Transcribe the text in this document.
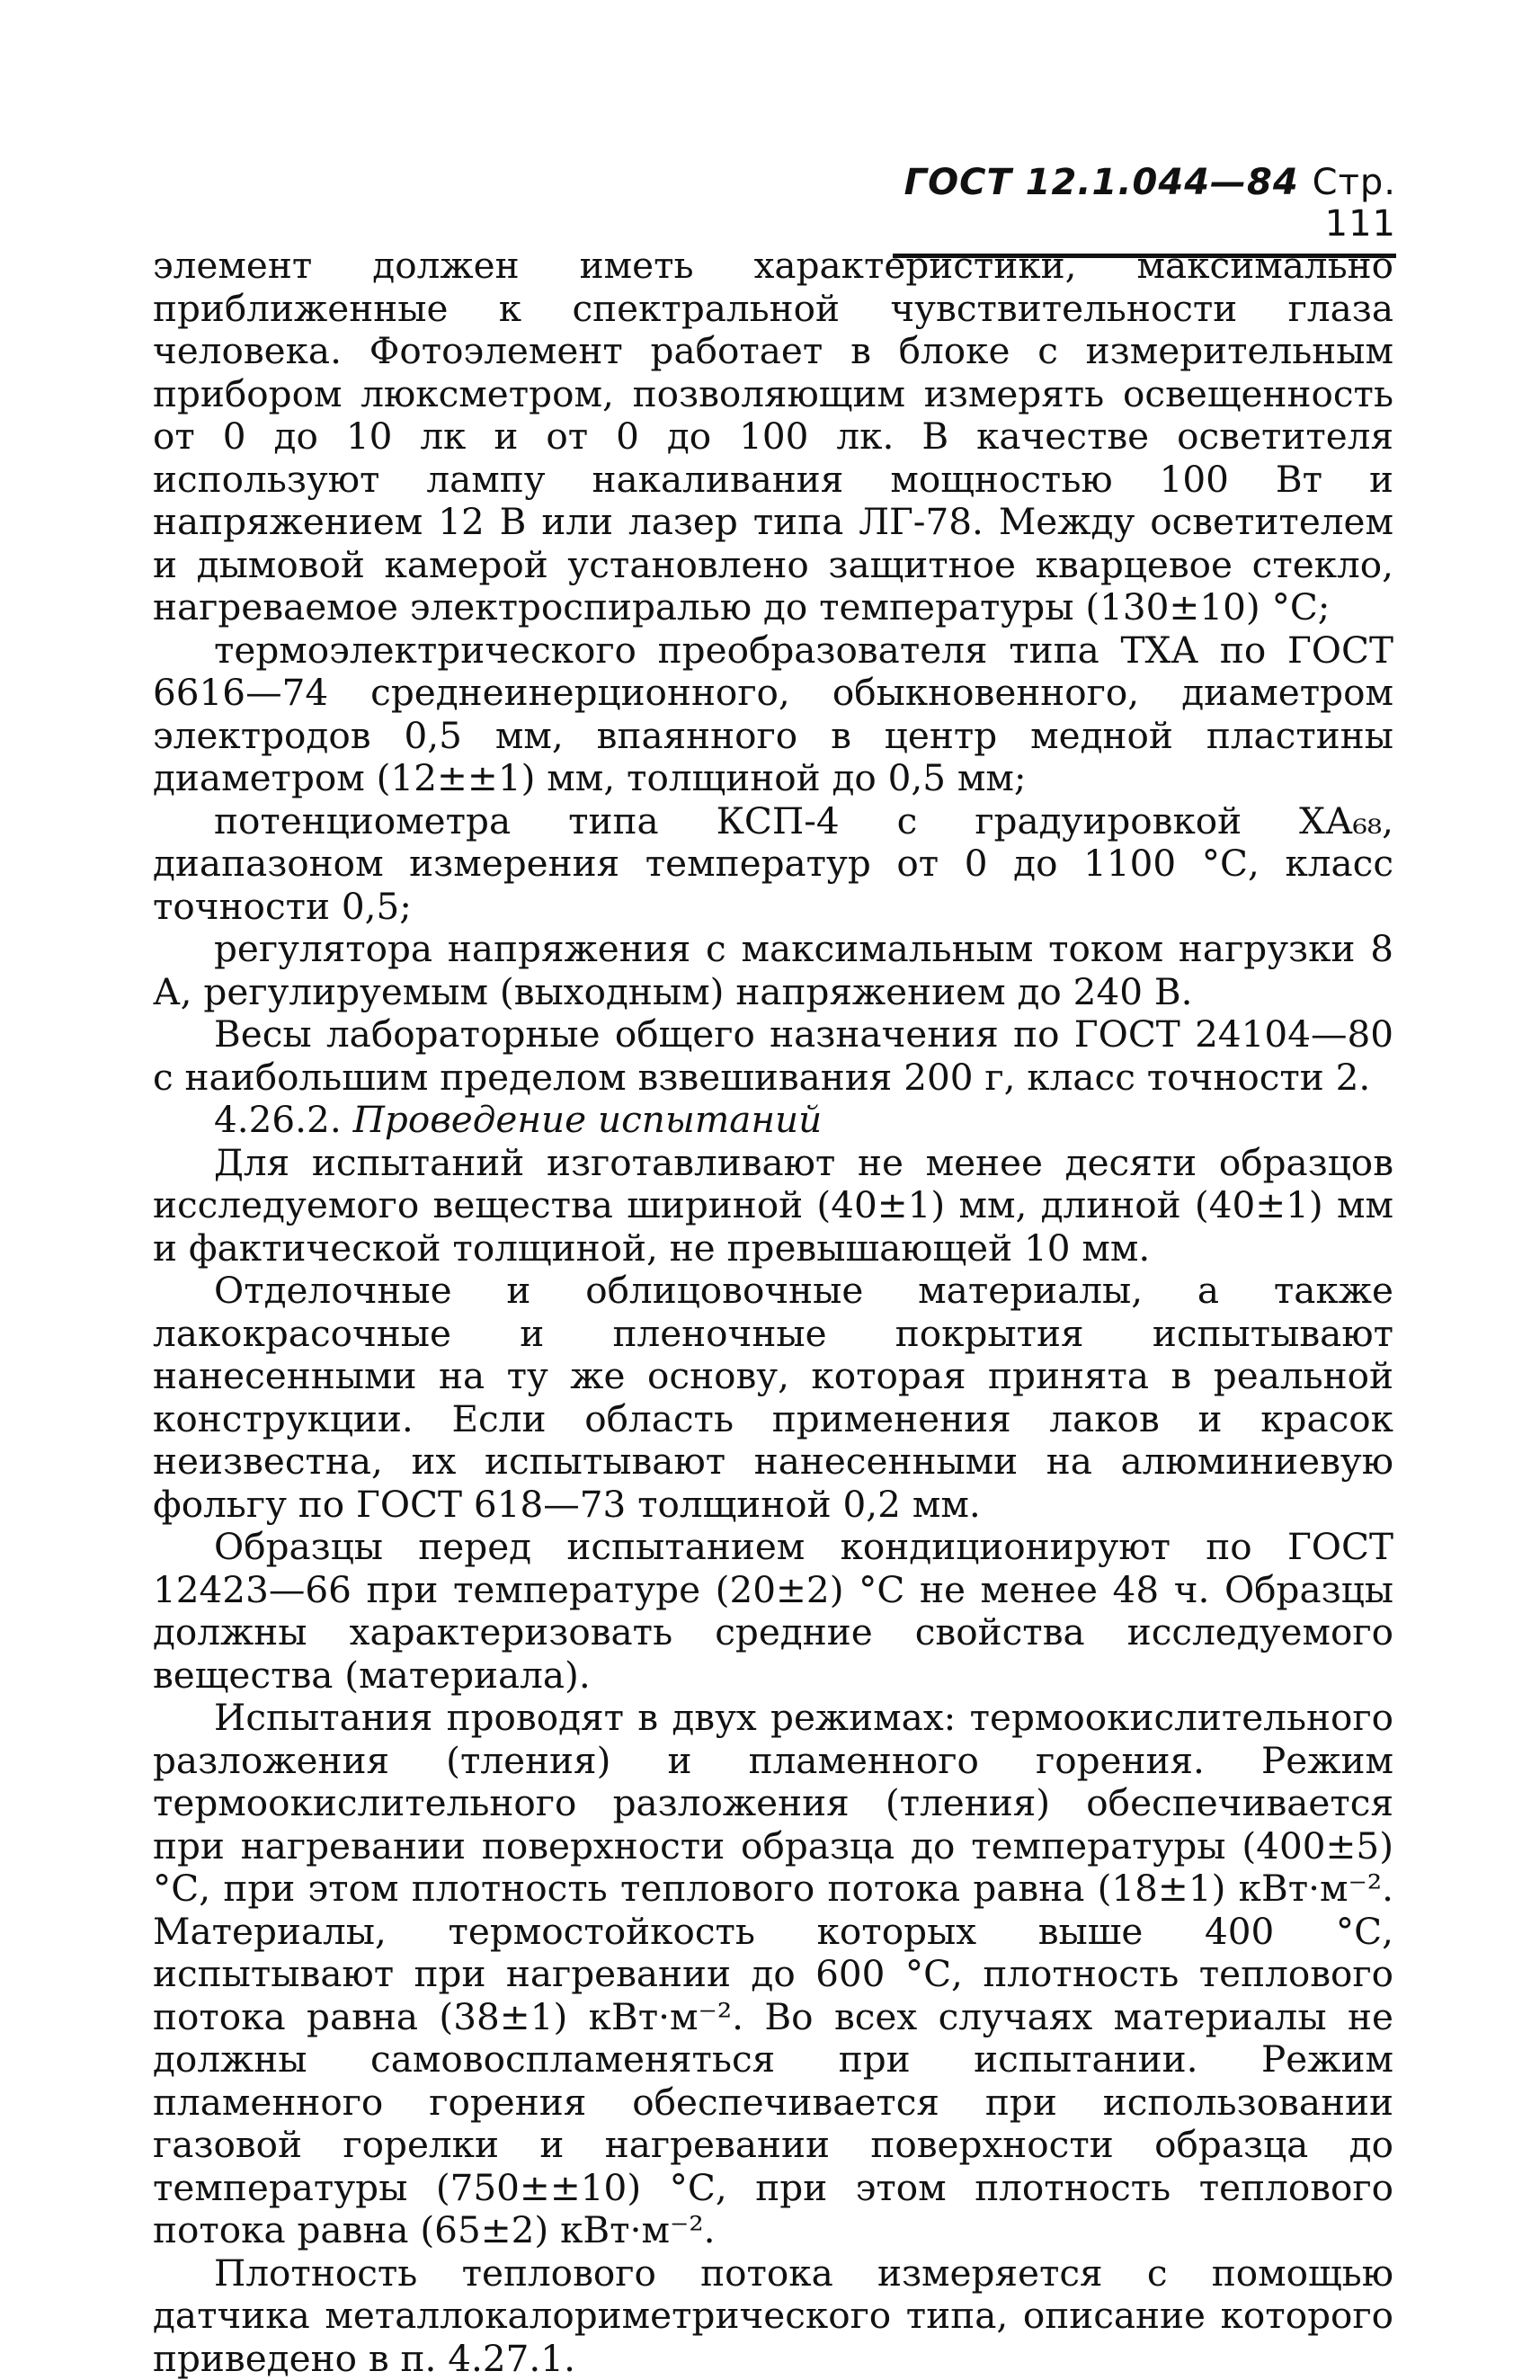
ГОСТ 12.1.044—84 Стр. 111

элемент должен иметь характеристики, максимально приближенные к спектральной чувствительности глаза человека. Фотоэлемент работает в блоке с измерительным прибором люксметром, позволяющим измерять освещенность от 0 до 10 лк и от 0 до 100 лк. В качестве осветителя используют лампу накаливания мощностью 100 Вт и напряжением 12 В или лазер типа ЛГ-78. Между осветителем и дымовой камерой установлено защитное кварцевое стекло, нагреваемое электроспиралью до температуры (130±10) °С;

термоэлектрического преобразователя типа ТХА по ГОСТ 6616—74 среднеинерционного, обыкновенного, диаметром электродов 0,5 мм, впаянного в центр медной пластины диаметром (12±±1) мм, толщиной до 0,5 мм;

потенциометра типа КСП-4 с градуировкой ХА₆₈, диапазоном измерения температур от 0 до 1100 °С, класс точности 0,5;

регулятора напряжения с максимальным током нагрузки 8 А, регулируемым (выходным) напряжением до 240 В.

Весы лабораторные общего назначения по ГОСТ 24104—80 с наибольшим пределом взвешивания 200 г, класс точности 2.

4.26.2. Проведение испытаний

Для испытаний изготавливают не менее десяти образцов исследуемого вещества шириной (40±1) мм, длиной (40±1) мм и фактической толщиной, не превышающей 10 мм.

Отделочные и облицовочные материалы, а также лакокрасочные и пленочные покрытия испытывают нанесенными на ту же основу, которая принята в реальной конструкции. Если область применения лаков и красок неизвестна, их испытывают нанесенными на алюминиевую фольгу по ГОСТ 618—73 толщиной 0,2 мм.

Образцы перед испытанием кондиционируют по ГОСТ 12423—66 при температуре (20±2) °С не менее 48 ч. Образцы должны характеризовать средние свойства исследуемого вещества (материала).

Испытания проводят в двух режимах: термоокислительного разложения (тления) и пламенного горения. Режим термоокислительного разложения (тления) обеспечивается при нагревании поверхности образца до температуры (400±5) °С, при этом плотность теплового потока равна (18±1) кВт·м⁻². Материалы, термостойкость которых выше 400 °С, испытывают при нагревании до 600 °С, плотность теплового потока равна (38±1) кВт·м⁻². Во всех случаях материалы не должны самовоспламеняться при испытании. Режим пламенного горения обеспечивается при использовании газовой горелки и нагревании поверхности образца до температуры (750±±10) °С, при этом плотность теплового потока равна (65±2) кВт·м⁻².

Плотность теплового потока измеряется с помощью датчика металлокалориметрического типа, описание которого приведено в п. 4.27.1.
